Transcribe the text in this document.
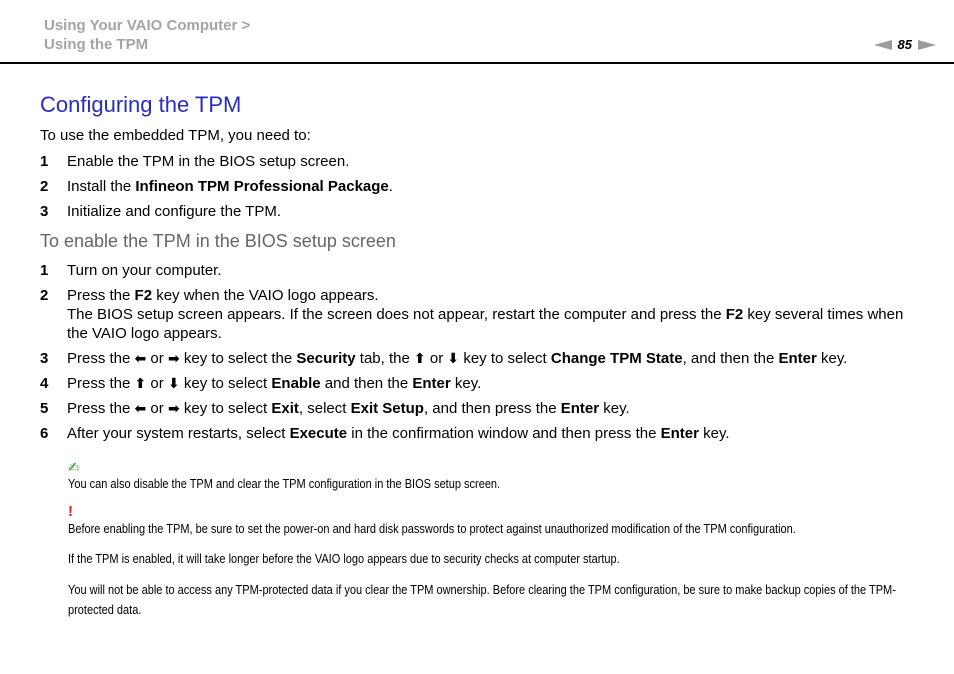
Using Your VAIO Computer >
Using the TPM	85
Configuring the TPM
To use the embedded TPM, you need to:
1	Enable the TPM in the BIOS setup screen.
2	Install the Infineon TPM Professional Package.
3	Initialize and configure the TPM.
To enable the TPM in the BIOS setup screen
1	Turn on your computer.
2	Press the F2 key when the VAIO logo appears.
The BIOS setup screen appears. If the screen does not appear, restart the computer and press the F2 key several times when the VAIO logo appears.
3	Press the ⬅ or ➡ key to select the Security tab, the ⬆ or ⬇ key to select Change TPM State, and then the Enter key.
4	Press the ⬆ or ⬇ key to select Enable and then the Enter key.
5	Press the ⬅ or ➡ key to select Exit, select Exit Setup, and then press the Enter key.
6	After your system restarts, select Execute in the confirmation window and then press the Enter key.
✍
You can also disable the TPM and clear the TPM configuration in the BIOS setup screen.
!
Before enabling the TPM, be sure to set the power-on and hard disk passwords to protect against unauthorized modification of the TPM configuration.
If the TPM is enabled, it will take longer before the VAIO logo appears due to security checks at computer startup.
You will not be able to access any TPM-protected data if you clear the TPM ownership. Before clearing the TPM configuration, be sure to make backup copies of the TPM-protected data.
